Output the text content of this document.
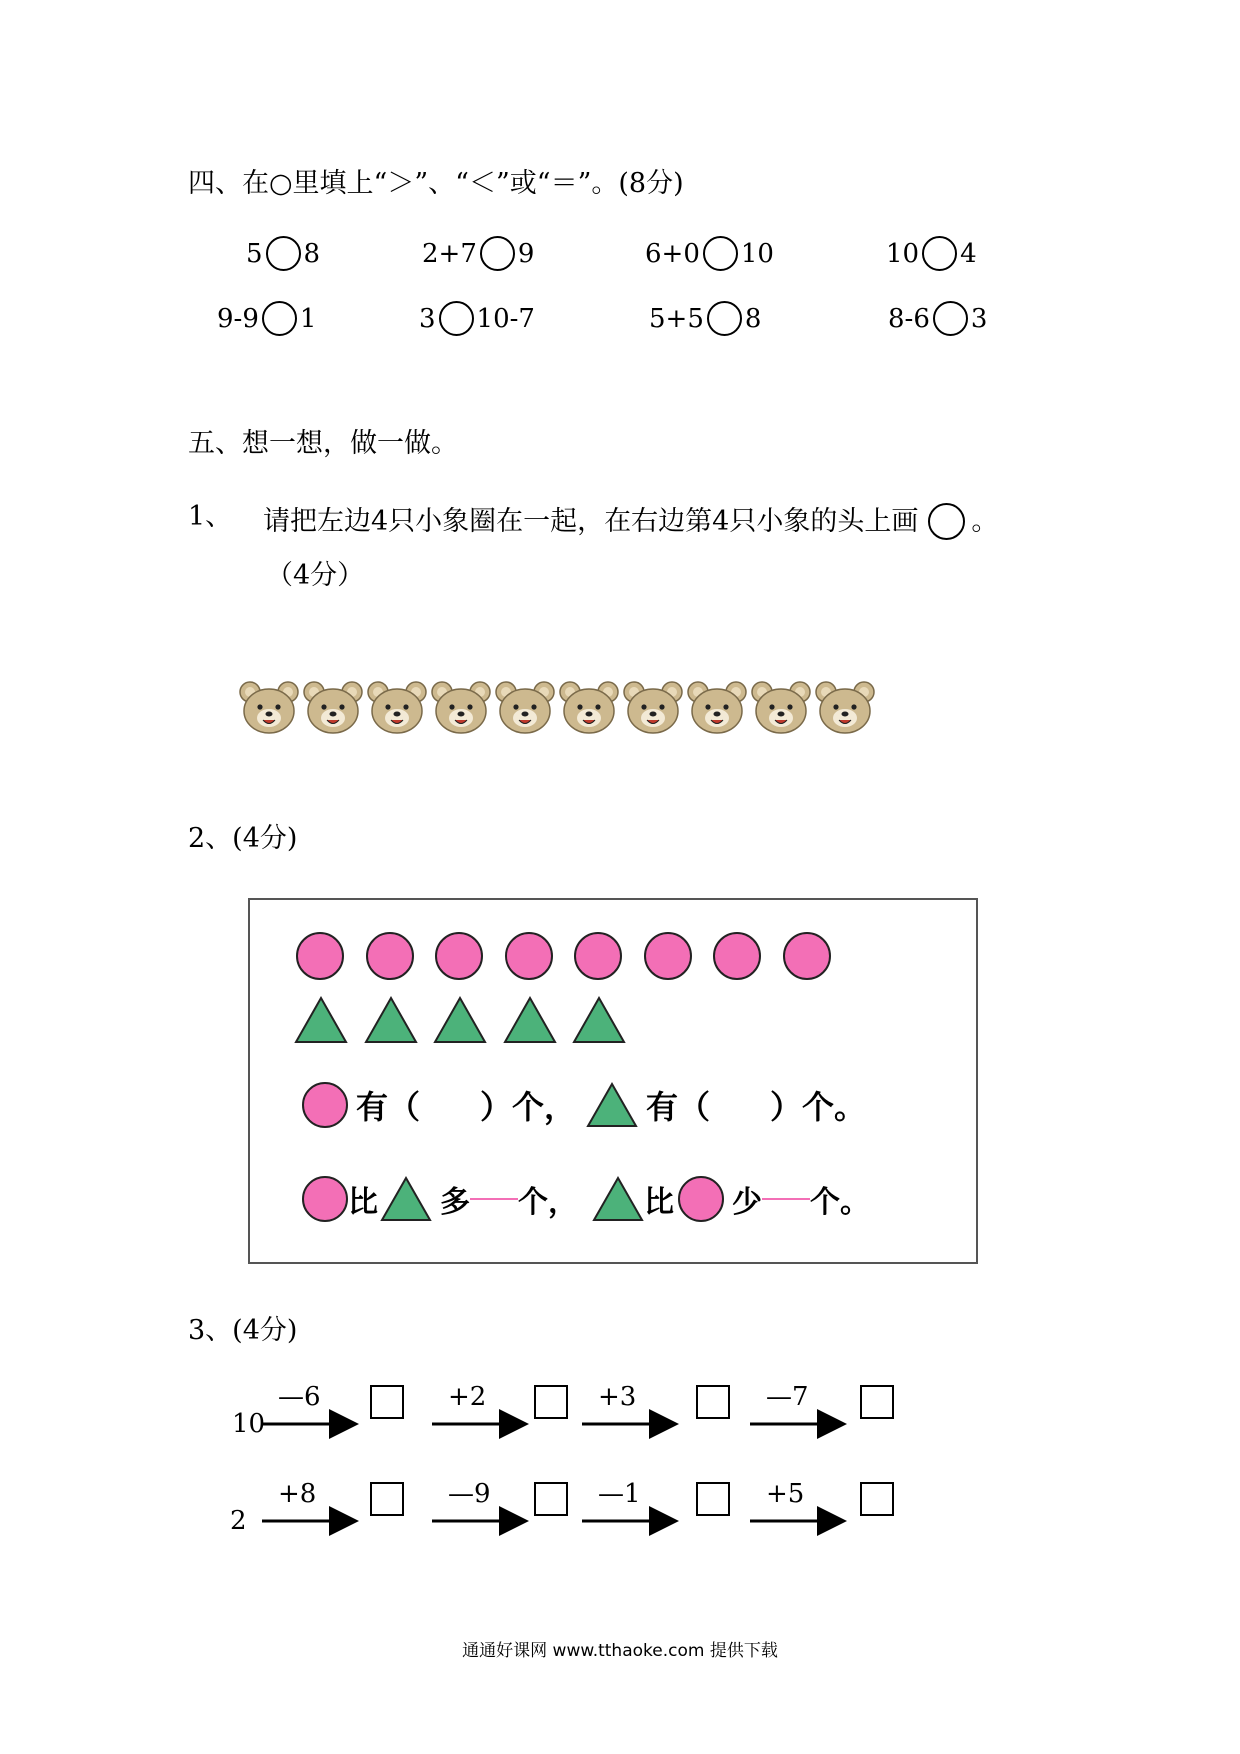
四、在○里填上“＞”、“＜”或“＝”。(8分)
5 8	2+7 9	6+0 10	10 4
9-9 1	3 10-7	5+5 8	8-6 3
五、想一想，做一做。
1、 请把左边4只小象圈在一起，在右边第4只小象的头上画 。
（4分）
2、(4分)
有（ ）个， 有（ ）个。
比 多 个， 比 少 个。
3、(4分)
10
2
—6	+2	+3	—7
+8	—9	—1	+5
通通好课网 www.tthaoke.com 提供下载
